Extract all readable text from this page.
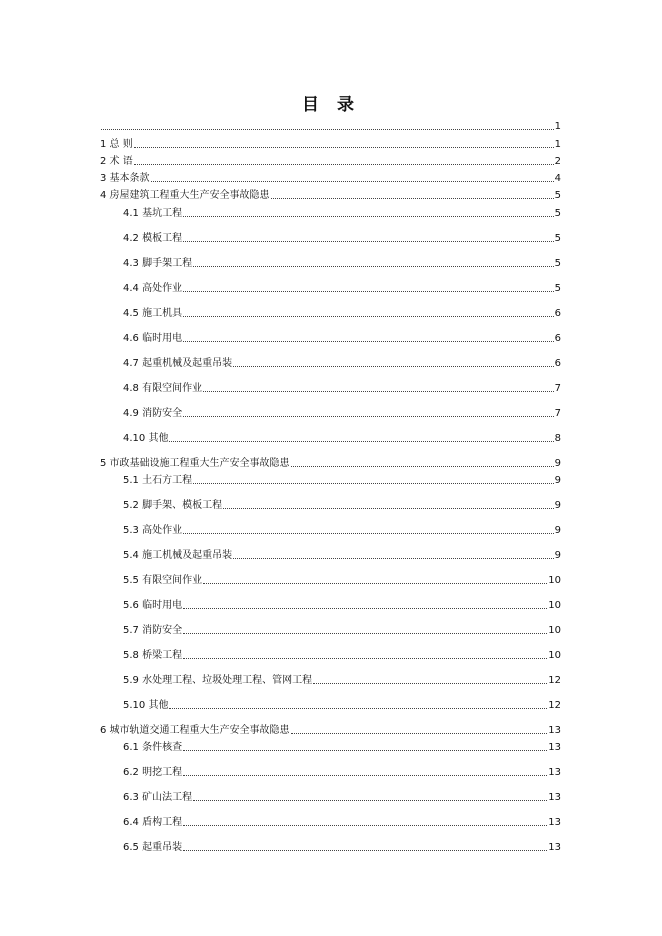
目 录
1
1 总 则	1
2 术 语	2
3 基本条款	4
4 房屋建筑工程重大生产安全事故隐患	5
4.1 基坑工程	5
4.2 模板工程	5
4.3 脚手架工程	5
4.4 高处作业	5
4.5 施工机具	6
4.6 临时用电	6
4.7 起重机械及起重吊装	6
4.8 有限空间作业	7
4.9 消防安全	7
4.10 其他	8
5 市政基础设施工程重大生产安全事故隐患	9
5.1 土石方工程	9
5.2 脚手架、模板工程	9
5.3 高处作业	9
5.4 施工机械及起重吊装	9
5.5 有限空间作业	10
5.6 临时用电	10
5.7 消防安全	10
5.8 桥梁工程	10
5.9 水处理工程、垃圾处理工程、管网工程	12
5.10 其他	12
6 城市轨道交通工程重大生产安全事故隐患	13
6.1 条件核查	13
6.2 明挖工程	13
6.3 矿山法工程	13
6.4 盾构工程	13
6.5 起重吊装	13
